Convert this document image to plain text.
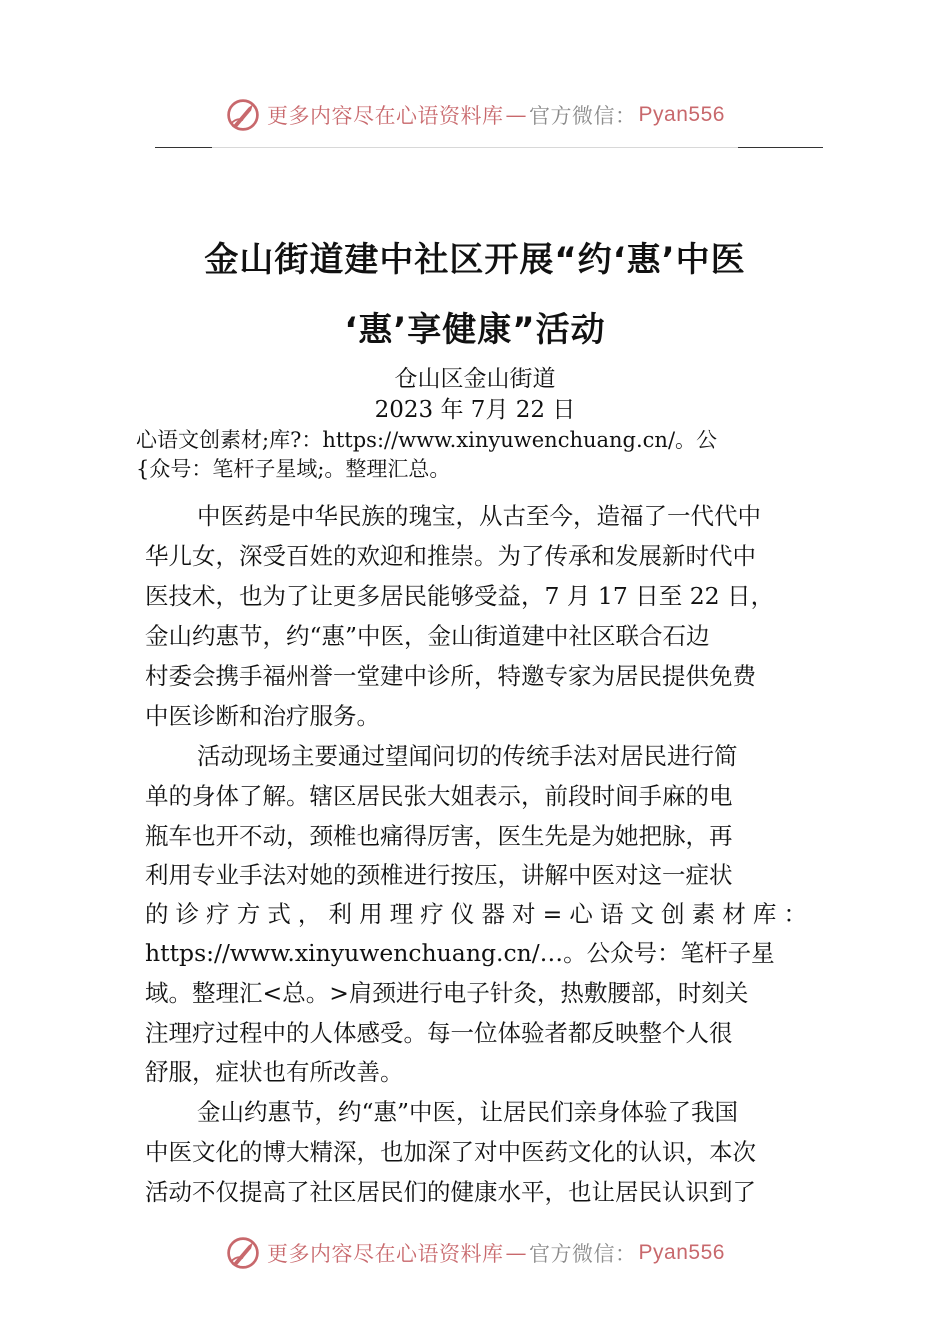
更多内容尽在心语资料库 — 官方微信： Pyan556
金山街道建中社区开展“约‘惠’中医
‘惠’享健康”活动
仓山区金山街道
2023 年 7月 22 日
心语文创素材;库?：https://www.xinyuwenchuang.cn/。公
{众号：笔杆子星域;。整理汇总。
中医药是中华民族的瑰宝，从古至今，造福了一代代中
华儿女，深受百姓的欢迎和推崇。为了传承和发展新时代中
医技术，也为了让更多居民能够受益，7 月 17 日至 22 日，
金山约惠节，约“惠”中医，金山街道建中社区联合石边
村委会携手福州誉一堂建中诊所，特邀专家为居民提供免费
中医诊断和治疗服务。
活动现场主要通过望闻问切的传统手法对居民进行简
单的身体了解。辖区居民张大姐表示，前段时间手麻的电
瓶车也开不动，颈椎也痛得厉害，医生先是为她把脉，再
利用专业手法对她的颈椎进行按压，讲解中医对这一症状
的诊疗方式，利用理疗仪器对=心语文创素材库：
https://www.xinyuwenchuang.cn/…。公众号：笔杆子星
域。整理汇<总。>肩颈进行电子针灸，热敷腰部，时刻关
注理疗过程中的人体感受。每一位体验者都反映整个人很
舒服，症状也有所改善。
金山约惠节，约“惠”中医，让居民们亲身体验了我国
中医文化的博大精深，也加深了对中医药文化的认识，本次
活动不仅提高了社区居民们的健康水平，也让居民认识到了
更多内容尽在心语资料库 — 官方微信： Pyan556
